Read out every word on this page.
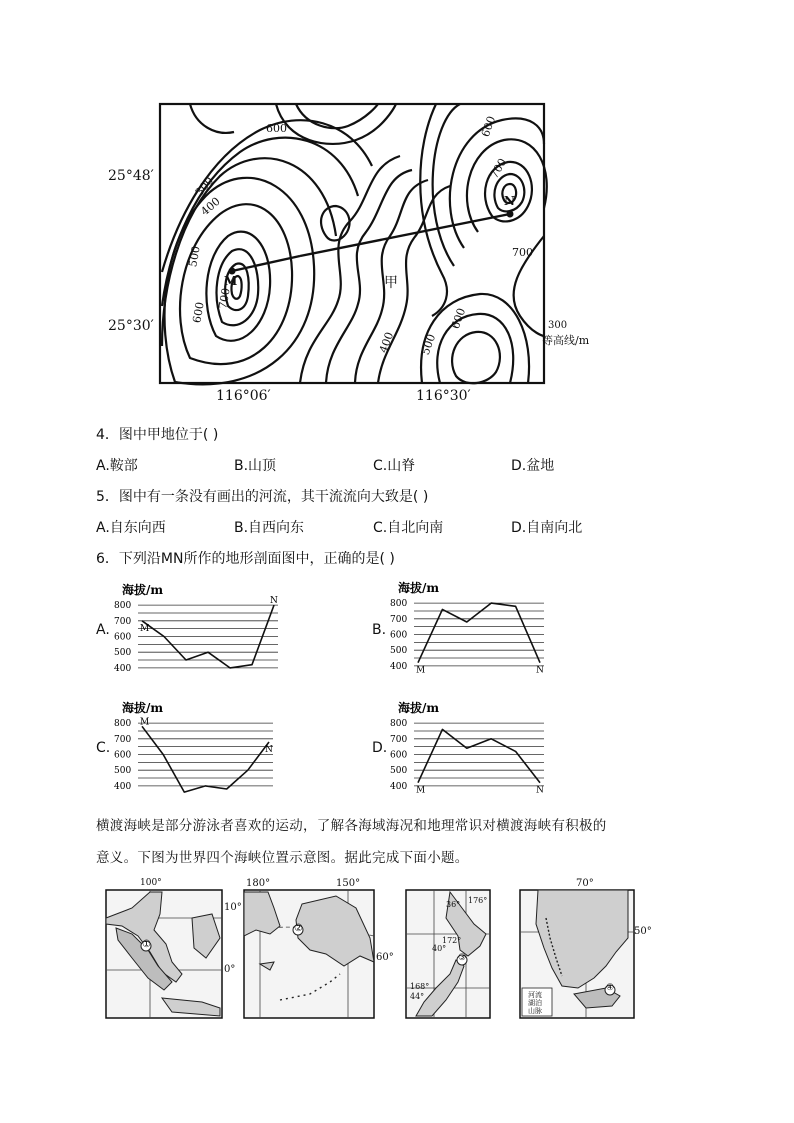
25°48′
25°30′
116°06′	116°30′
300
400
500
700
600
700
600
400 500
600
600
700
M
N
甲
300
等高线/m
4．图中甲地位于( )
A.鞍部	B.山顶	C.山脊	D.盆地
5．图中有一条没有画出的河流，其干流流向大致是( )
A.自东向西	B.自西向东	C.自北向南	D.自南向北
6．下列沿MN所作的地形剖面图中，正确的是( )
A.	B.
C.	D.
海拔/m
800
700
600
500
400
M
N
海拔/m
800
700
600
500
400 M	N
海拔/m
800
700
600
500
400
M
N
海拔/m
800
700
600
500
400 M	N
横渡海峡是部分游泳者喜欢的运动，了解各海域海况和地理常识对横渡海峡有积极的
意义。下图为世界四个海峡位置示意图。据此完成下面小题。
100°
10°
0°
①
180°	150°
60°
②
36° 176°
172°
40°
168°
44°
③
70°
50°
④
河流
湖泊
山脉
